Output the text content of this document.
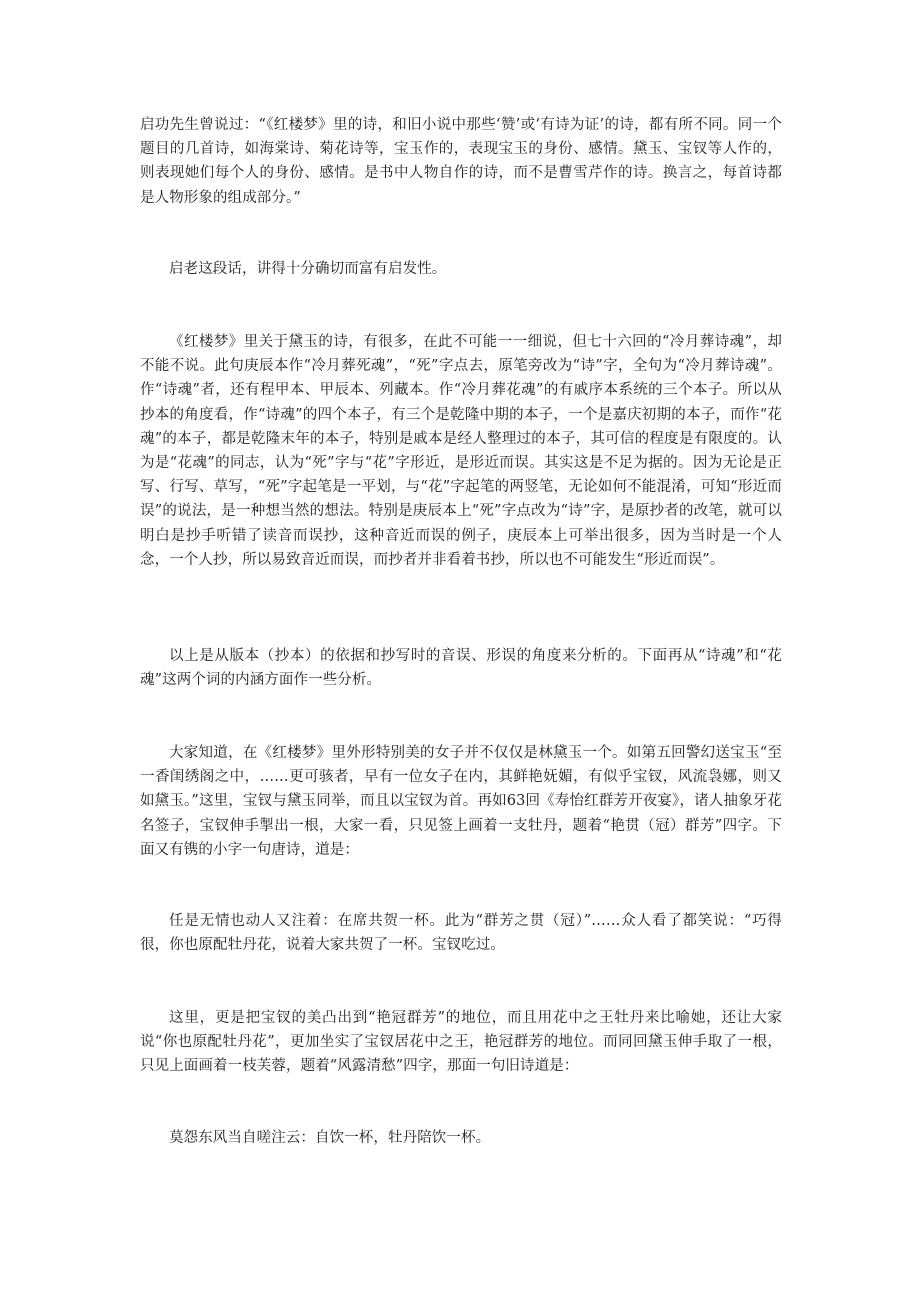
启功先生曾说过：“《红楼梦》里的诗，和旧小说中那些‘赞’或‘有诗为证’的诗，都有所不同。同一个题目的几首诗，如海棠诗、菊花诗等，宝玉作的，表现宝玉的身份、感情。黛玉、宝钗等人作的，则表现她们每个人的身份、感情。是书中人物自作的诗，而不是曹雪芹作的诗。换言之，每首诗都是人物形象的组成部分。”

启老这段话，讲得十分确切而富有启发性。

《红楼梦》里关于黛玉的诗，有很多，在此不可能一一细说，但七十六回的“冷月葬诗魂”，却不能不说。此句庚辰本作“冷月葬死魂”，“死”字点去，原笔旁改为“诗”字，全句为“冷月葬诗魂”。作“诗魂”者，还有程甲本、甲辰本、列藏本。作“冷月葬花魂”的有戚序本系统的三个本子。所以从抄本的角度看，作“诗魂”的四个本子，有三个是乾隆中期的本子，一个是嘉庆初期的本子，而作“花魂”的本子，都是乾隆末年的本子，特别是戚本是经人整理过的本子，其可信的程度是有限度的。认为是“花魂”的同志，认为“死”字与“花”字形近，是形近而误。其实这是不足为据的。因为无论是正写、行写、草写，“死”字起笔是一平划，与“花”字起笔的两竖笔，无论如何不能混淆，可知“形近而误”的说法，是一种想当然的想法。特别是庚辰本上“死”字点改为“诗”字，是原抄者的改笔，就可以明白是抄手听错了读音而误抄，这种音近而误的例子，庚辰本上可举出很多，因为当时是一个人念，一个人抄，所以易致音近而误，而抄者并非看着书抄，所以也不可能发生“形近而误”。

以上是从版本（抄本）的依据和抄写时的音误、形误的角度来分析的。下面再从“诗魂”和“花魂”这两个词的内涵方面作一些分析。

大家知道，在《红楼梦》里外形特别美的女子并不仅仅是林黛玉一个。如第五回警幻送宝玉“至一香闺绣阁之中，……更可骇者，早有一位女子在内，其鲜艳妩媚，有似乎宝钗，风流袅娜，则又如黛玉。”这里，宝钗与黛玉同举，而且以宝钗为首。再如63回《寿怡红群芳开夜宴》，诸人抽象牙花名签子，宝钗伸手掣出一根，大家一看，只见签上画着一支牡丹，题着“艳贯（冠）群芳”四字。下面又有镌的小字一句唐诗，道是：

任是无情也动人又注着：在席共贺一杯。此为“群芳之贯（冠）”……众人看了都笑说：“巧得很，你也原配牡丹花，说着大家共贺了一杯。宝钗吃过。

这里，更是把宝钗的美凸出到“艳冠群芳”的地位，而且用花中之王牡丹来比喻她，还让大家说“你也原配牡丹花”，更加坐实了宝钗居花中之王，艳冠群芳的地位。而同回黛玉伸手取了一根，只见上面画着一枝芙蓉，题着“风露清愁”四字，那面一句旧诗道是：

莫怨东风当自嗟注云：自饮一杯，牡丹陪饮一杯。
